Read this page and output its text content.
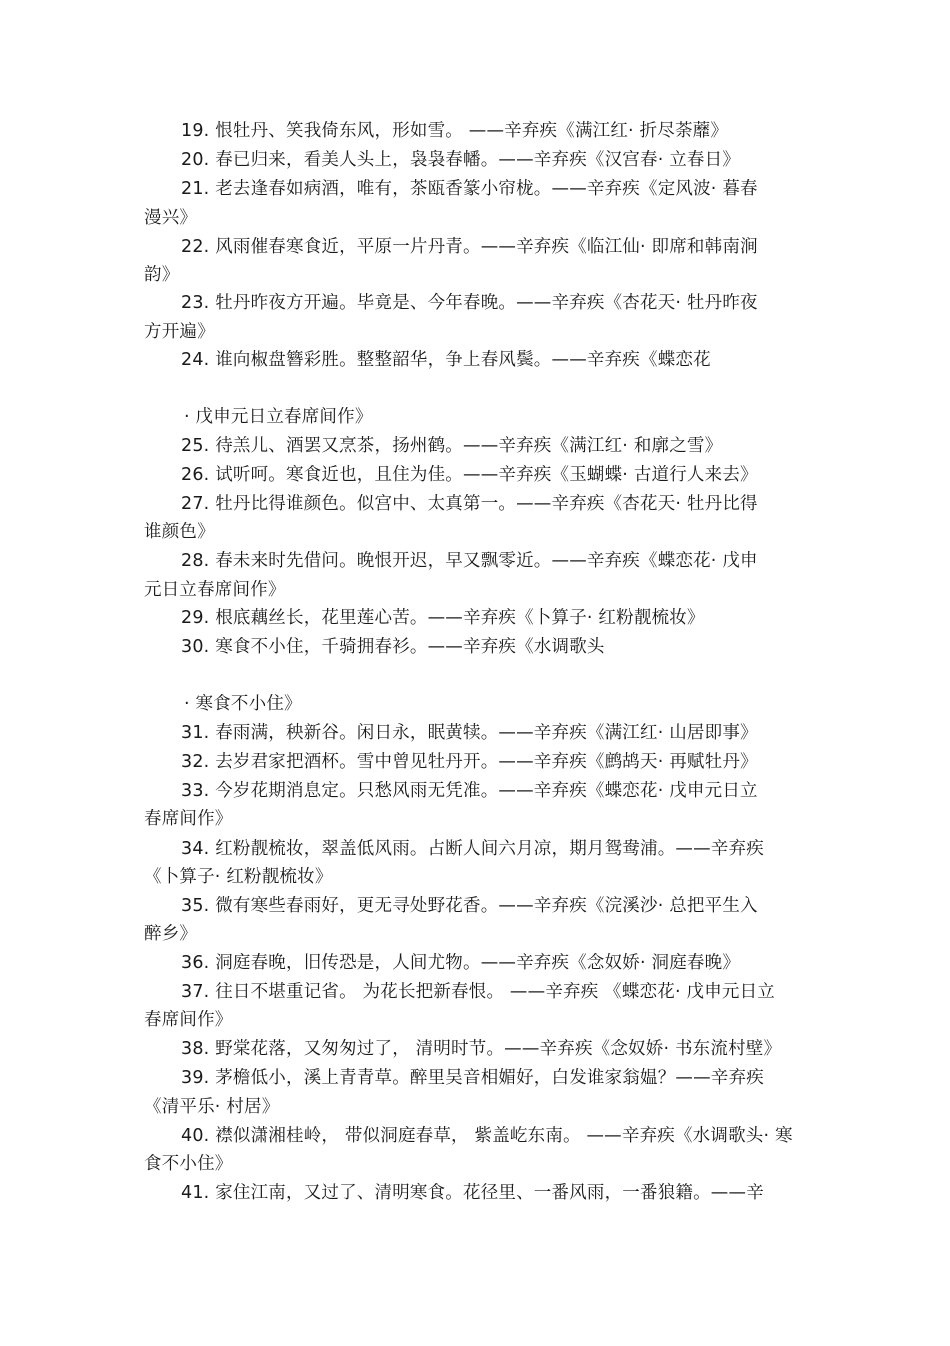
19. 恨牡丹、笑我倚东风，形如雪。 ——辛弃疾《满江红· 折尽荼蘼》
20. 春已归来，看美人头上，袅袅春幡。——辛弃疾《汉宫春· 立春日》
21. 老去逢春如病酒，唯有，茶瓯香篆小帘栊。——辛弃疾《定风波· 暮春
漫兴》
22. 风雨催春寒食近，平原一片丹青。——辛弃疾《临江仙· 即席和韩南涧
韵》
23. 牡丹昨夜方开遍。毕竟是、今年春晚。——辛弃疾《杏花天· 牡丹昨夜
方开遍》
24. 谁向椒盘簪彩胜。整整韶华，争上春风鬓。——辛弃疾《蝶恋花
· 戊申元日立春席间作》
25. 待羔儿、酒罢又烹茶，扬州鹤。——辛弃疾《满江红· 和廓之雪》
26. 试听呵。寒食近也，且住为佳。——辛弃疾《玉蝴蝶· 古道行人来去》
27. 牡丹比得谁颜色。似宫中、太真第一。——辛弃疾《杏花天· 牡丹比得
谁颜色》
28. 春未来时先借问。晚恨开迟，早又飘零近。——辛弃疾《蝶恋花· 戊申
元日立春席间作》
29. 根底藕丝长，花里莲心苦。——辛弃疾《卜算子· 红粉靓梳妆》
30. 寒食不小住，千骑拥春衫。——辛弃疾《水调歌头
· 寒食不小住》
31. 春雨满，秧新谷。闲日永，眠黄犊。——辛弃疾《满江红· 山居即事》
32. 去岁君家把酒杯。雪中曾见牡丹开。——辛弃疾《鹧鸪天· 再赋牡丹》
33. 今岁花期消息定。只愁风雨无凭准。——辛弃疾《蝶恋花· 戊申元日立
春席间作》
34. 红粉靓梳妆，翠盖低风雨。占断人间六月凉，期月鸳鸯浦。——辛弃疾
《卜算子· 红粉靓梳妆》
35. 微有寒些春雨好，更无寻处野花香。——辛弃疾《浣溪沙· 总把平生入
醉乡》
36. 洞庭春晚，旧传恐是，人间尤物。——辛弃疾《念奴娇· 洞庭春晚》
37. 往日不堪重记省。 为花长把新春恨。 ——辛弃疾 《蝶恋花· 戊申元日立
春席间作》
38. 野棠花落，又匆匆过了， 清明时节。——辛弃疾《念奴娇· 书东流村壁》
39. 茅檐低小，溪上青青草。醉里吴音相媚好，白发谁家翁媪？——辛弃疾
《清平乐· 村居》
40. 襟似潇湘桂岭， 带似洞庭春草， 紫盖屹东南。 ——辛弃疾《水调歌头· 寒
食不小住》
41. 家住江南，又过了、清明寒食。花径里、一番风雨，一番狼籍。——辛
